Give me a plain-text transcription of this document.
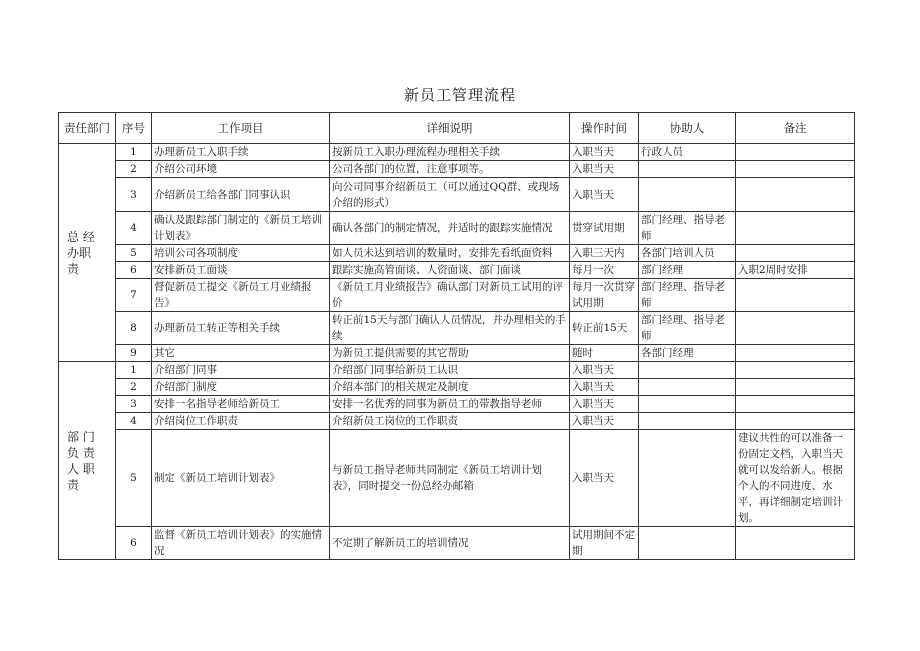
新员工管理流程
责任部门	序号	工作项目	详细说明	操作时间	协助人	备注
总 经
办职
责	1	办理新员工入职手续	按新员工入职办理流程办理相关手续	入职当天	行政人员	
	2	介绍公司环境	公司各部门的位置，注意事项等。	入职当天		
	3	介绍新员工给各部门同事认识	向公司同事介绍新员工（可以通过QQ群、或现场介绍的形式）	入职当天		
	4	确认及跟踪部门制定的《新员工培训计划表》	确认各部门的制定情况，并适时的跟踪实施情况	贯穿试用期	部门经理、指导老师	
	5	培训公司各项制度	如人员未达到培训的数量时，安排先看纸面资料	入职三天内	各部门培训人员	
	6	安排新员工面谈	跟踪实施高管面谈、人资面谈、部门面谈	每月一次	部门经理	入职2周时安排
	7	督促新员工提交《新员工月业绩报告》	《新员工月业绩报告》确认部门对新员工试用的评价	每月一次贯穿试用期	部门经理、指导老师	
	8	办理新员工转正等相关手续	转正前15天与部门确认人员情况，并办理相关的手续	转正前15天	部门经理、指导老师	
	9	其它	为新员工提供需要的其它帮助	随时	各部门经理	
部 门
负 责
人 职
责	1	介绍部门同事	介绍部门同事给新员工认识	入职当天		
	2	介绍部门制度	介绍本部门的相关规定及制度	入职当天		
	3	安排一名指导老师给新员工	安排一名优秀的同事为新员工的带教指导老师	入职当天		
	4	介绍岗位工作职责	介绍新员工岗位的工作职责	入职当天		
	5	制定《新员工培训计划表》	与新员工指导老师共同制定《新员工培训计划表》，同时提交一份总经办邮箱	入职当天		建议共性的可以准备一份固定文档，入职当天就可以发给新人。根据个人的不同进度、水平，再详细制定培训计划。
	6	监督《新员工培训计划表》的实施情况	不定期了解新员工的培训情况	试用期间不定期		
